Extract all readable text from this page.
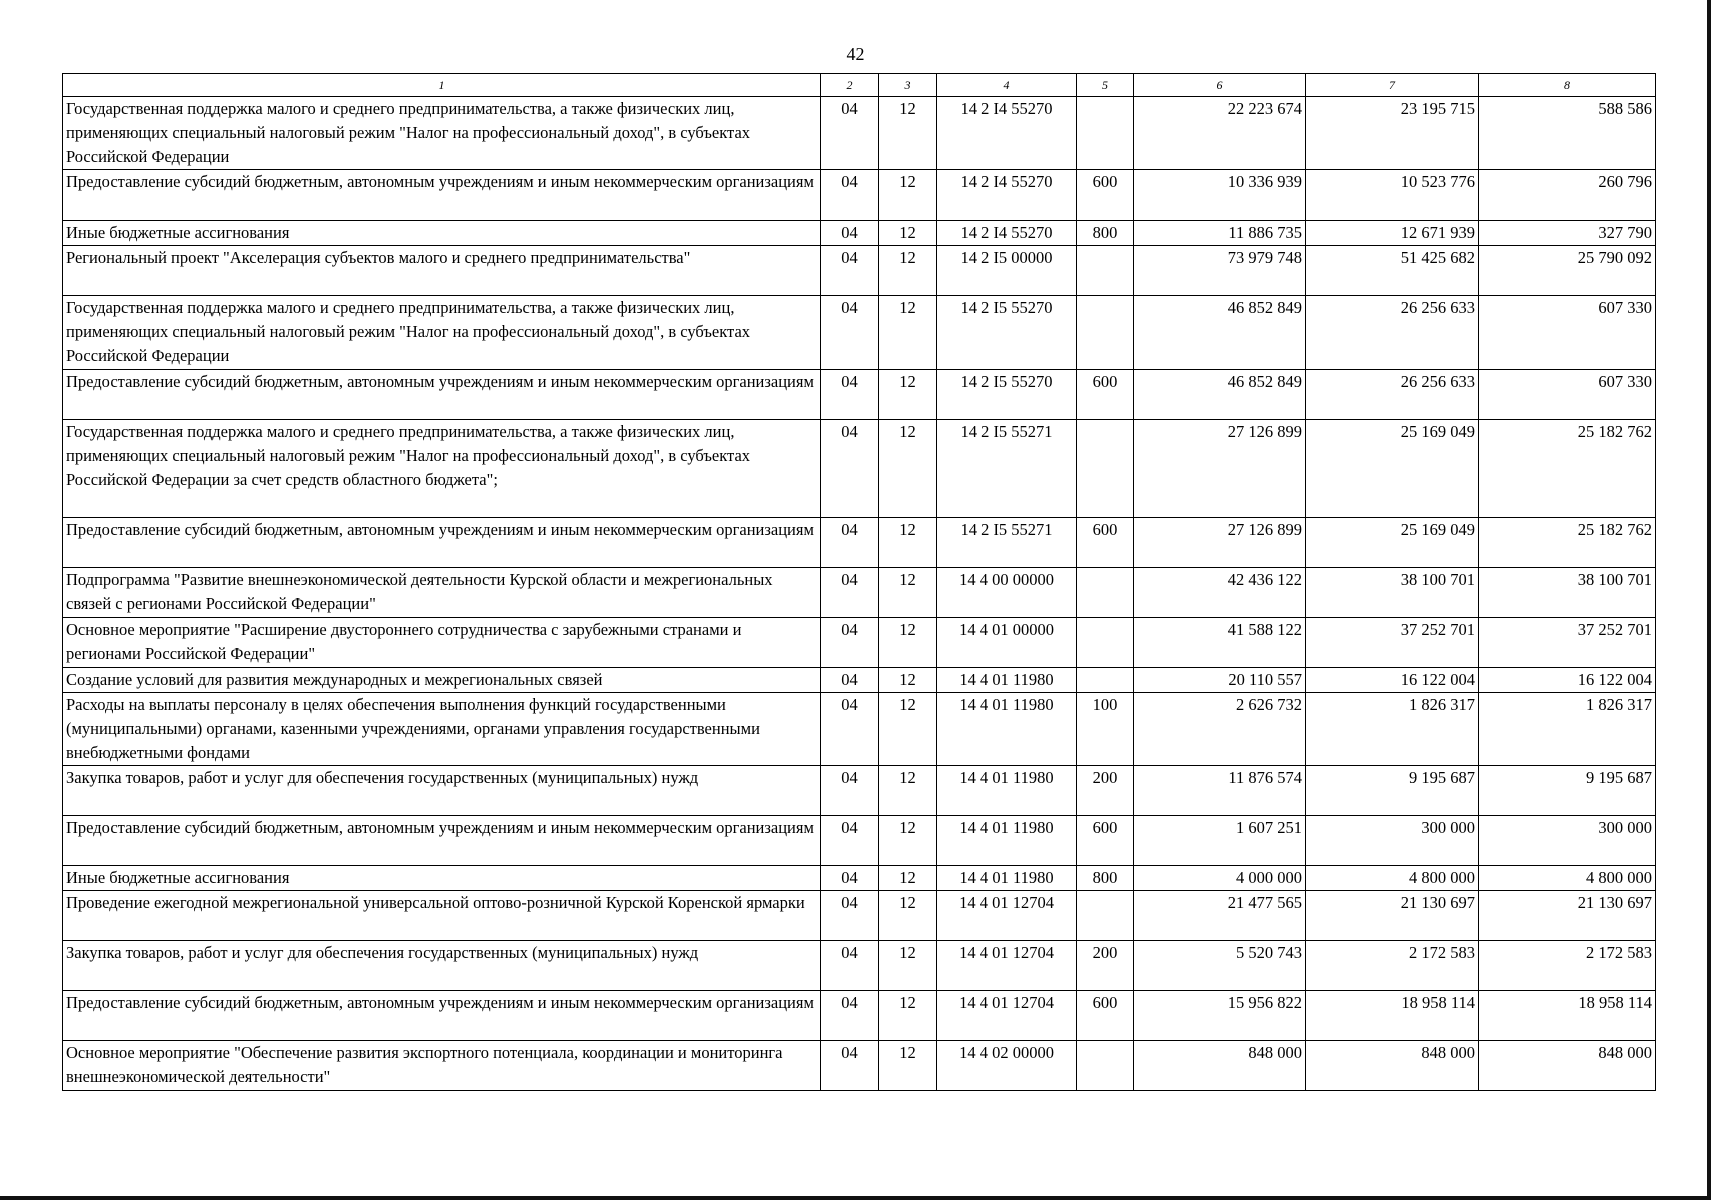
42
1	2	3	4	5	6	7	8
Государственная поддержка малого и среднего предпринимательства, а также физических лиц, применяющих специальный налоговый режим "Налог на профессиональный доход", в субъектах Российской Федерации	04	12	14 2 I4 55270		22 223 674	23 195 715	588 586
Предоставление субсидий бюджетным, автономным учреждениям и иным некоммерческим организациям	04	12	14 2 I4 55270	600	10 336 939	10 523 776	260 796
Иные бюджетные ассигнования	04	12	14 2 I4 55270	800	11 886 735	12 671 939	327 790
Региональный проект "Акселерация субъектов малого и среднего предпринимательства"	04	12	14 2 I5 00000		73 979 748	51 425 682	25 790 092
Государственная поддержка малого и среднего предпринимательства, а также физических лиц, применяющих специальный налоговый режим "Налог на профессиональный доход", в субъектах Российской Федерации	04	12	14 2 I5 55270		46 852 849	26 256 633	607 330
Предоставление субсидий бюджетным, автономным учреждениям и иным некоммерческим организациям	04	12	14 2 I5 55270	600	46 852 849	26 256 633	607 330
Государственная поддержка малого и среднего предпринимательства, а также физических лиц, применяющих специальный налоговый режим "Налог на профессиональный доход", в субъектах Российской Федерации за счет средств областного бюджета";	04	12	14 2 I5 55271		27 126 899	25 169 049	25 182 762
Предоставление субсидий бюджетным, автономным учреждениям и иным некоммерческим организациям	04	12	14 2 I5 55271	600	27 126 899	25 169 049	25 182 762
Подпрограмма "Развитие внешнеэкономической деятельности Курской области и межрегиональных связей с регионами Российской Федерации"	04	12	14 4 00 00000		42 436 122	38 100 701	38 100 701
Основное мероприятие "Расширение двустороннего сотрудничества с зарубежными странами и регионами Российской Федерации"	04	12	14 4 01 00000		41 588 122	37 252 701	37 252 701
Создание условий для развития международных и межрегиональных связей	04	12	14 4 01 11980		20 110 557	16 122 004	16 122 004
Расходы на выплаты персоналу в целях обеспечения выполнения функций государственными (муниципальными) органами, казенными учреждениями, органами управления государственными внебюджетными фондами	04	12	14 4 01 11980	100	2 626 732	1 826 317	1 826 317
Закупка товаров, работ и услуг для обеспечения государственных (муниципальных) нужд	04	12	14 4 01 11980	200	11 876 574	9 195 687	9 195 687
Предоставление субсидий бюджетным, автономным учреждениям и иным некоммерческим организациям	04	12	14 4 01 11980	600	1 607 251	300 000	300 000
Иные бюджетные ассигнования	04	12	14 4 01 11980	800	4 000 000	4 800 000	4 800 000
Проведение ежегодной межрегиональной универсальной оптово-розничной Курской Коренской ярмарки	04	12	14 4 01 12704		21 477 565	21 130 697	21 130 697
Закупка товаров, работ и услуг для обеспечения государственных (муниципальных) нужд	04	12	14 4 01 12704	200	5 520 743	2 172 583	2 172 583
Предоставление субсидий бюджетным, автономным учреждениям и иным некоммерческим организациям	04	12	14 4 01 12704	600	15 956 822	18 958 114	18 958 114
Основное мероприятие "Обеспечение развития экспортного потенциала, координации и мониторинга внешнеэкономической деятельности"	04	12	14 4 02 00000		848 000	848 000	848 000
